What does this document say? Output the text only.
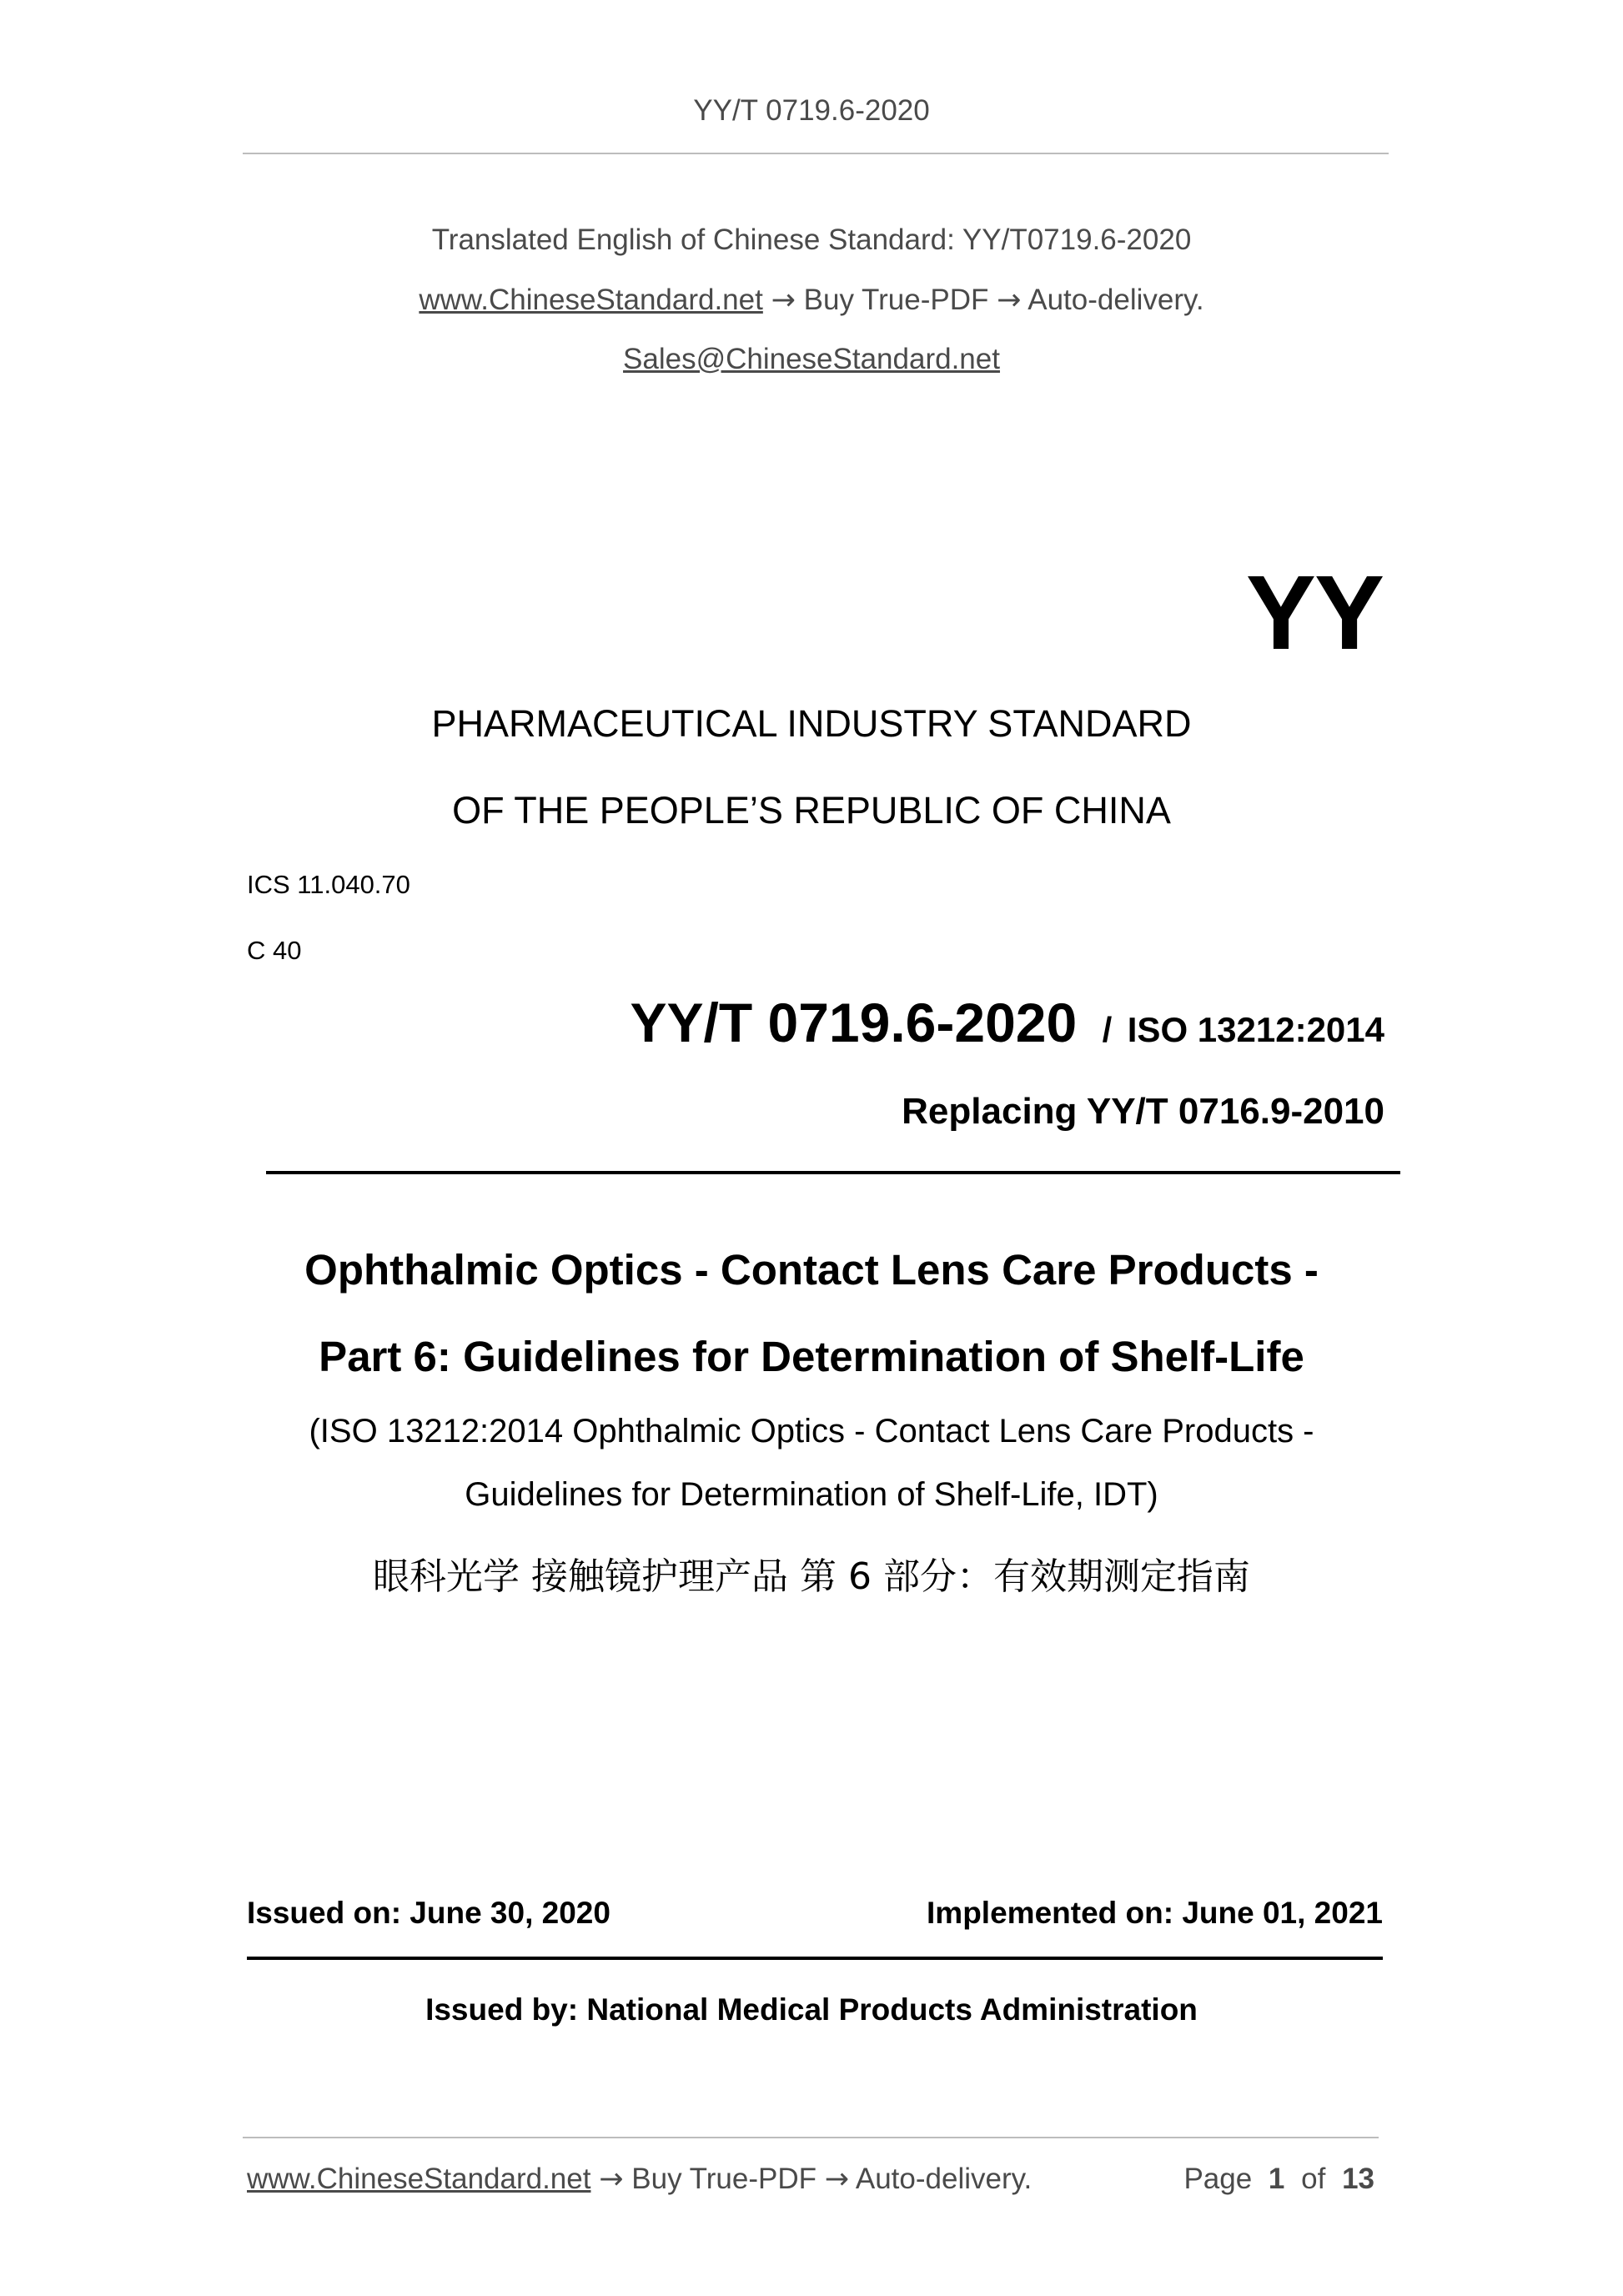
YY/T 0719.6-2020
Translated English of Chinese Standard: YY/T0719.6-2020
www.ChineseStandard.net → Buy True-PDF → Auto-delivery.
Sales@ChineseStandard.net
YY
PHARMACEUTICAL INDUSTRY STANDARD
OF THE PEOPLE’S REPUBLIC OF CHINA
ICS 11.040.70
C 40
YY/T 0719.6-2020 / ISO 13212:2014
Replacing YY/T 0716.9-2010
Ophthalmic Optics - Contact Lens Care Products -
Part 6: Guidelines for Determination of Shelf-Life
(ISO 13212:2014 Ophthalmic Optics - Contact Lens Care Products -
Guidelines for Determination of Shelf-Life, IDT)
眼科光学 接触镜护理产品 第 6 部分：有效期测定指南
Issued on: June 30, 2020	Implemented on: June 01, 2021
Issued by: National Medical Products Administration
www.ChineseStandard.net → Buy True-PDF → Auto-delivery.	Page 1 of 13
